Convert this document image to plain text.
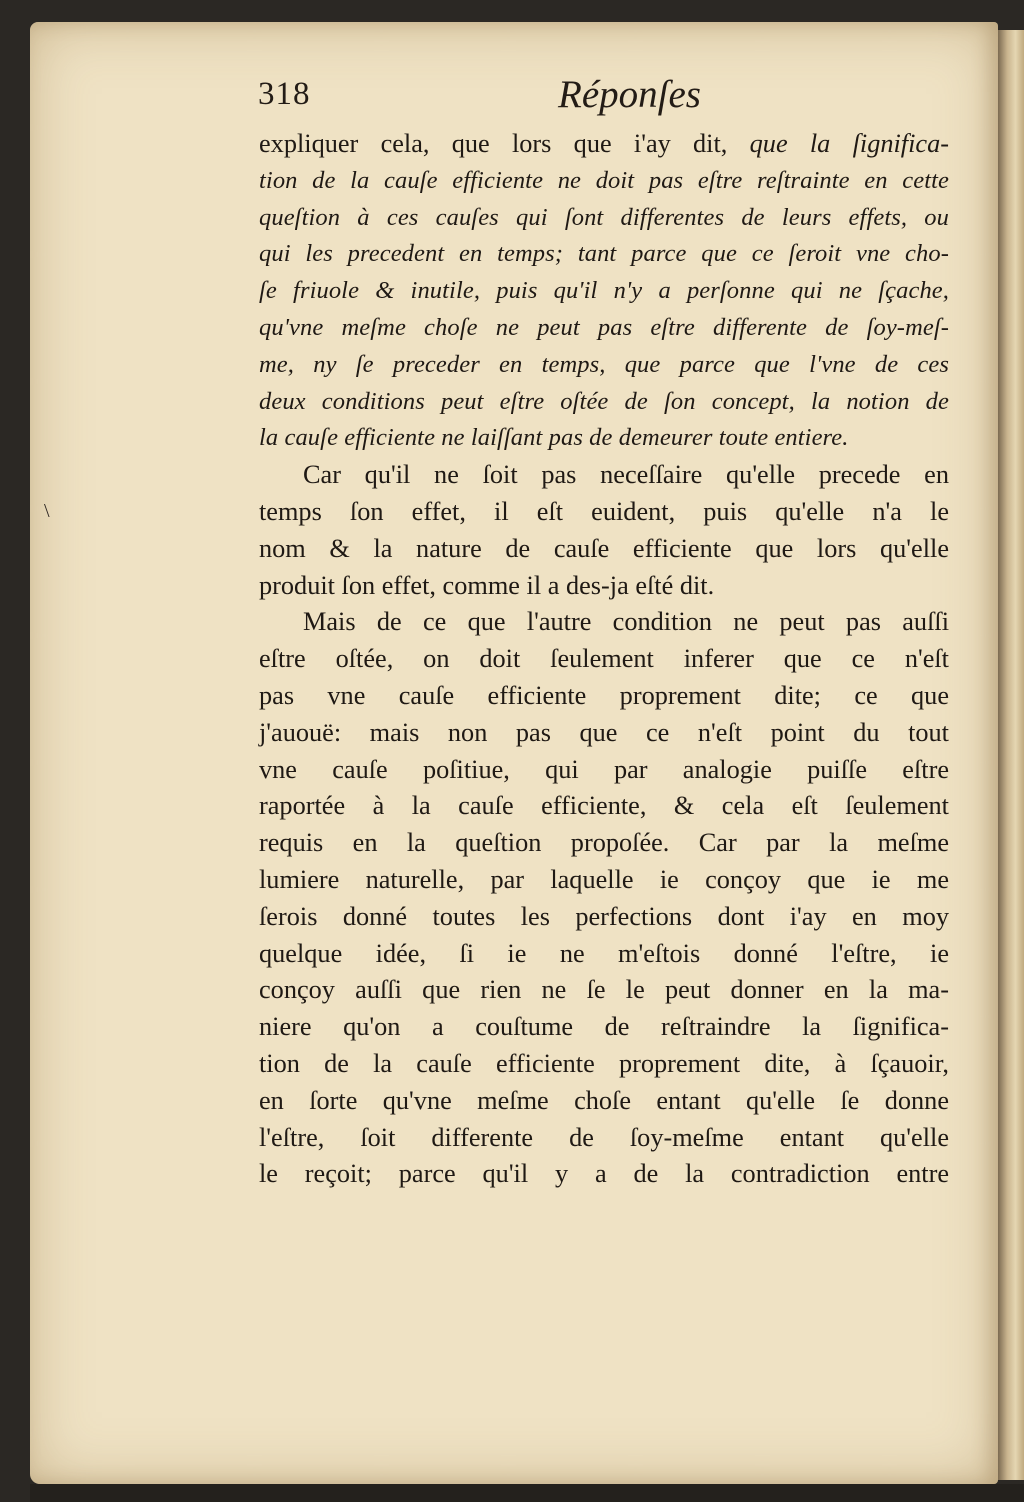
318	Réponſes
\
expliquer cela, que lors que i'ay dit, que la ſignifica-
tion de la cauſe efficiente ne doit pas eſtre reſtrainte en cette
queſtion à ces cauſes qui ſont differentes de leurs effets, ou
qui les precedent en temps; tant parce que ce ſeroit vne cho-
ſe friuole & inutile, puis qu'il n'y a perſonne qui ne ſçache,
qu'vne meſme choſe ne peut pas eſtre differente de ſoy-meſ-
me, ny ſe preceder en temps, que parce que l'vne de ces
deux conditions peut eſtre oſtée de ſon concept, la notion de
la cauſe efficiente ne laiſſant pas de demeurer toute entiere.
Car qu'il ne ſoit pas neceſſaire qu'elle precede en
temps ſon effet, il eſt euident, puis qu'elle n'a le
nom & la nature de cauſe efficiente que lors qu'elle
produit ſon effet, comme il a des-ja eſté dit.
Mais de ce que l'autre condition ne peut pas auſſi
eſtre oſtée, on doit ſeulement inferer que ce n'eſt
pas vne cauſe efficiente proprement dite; ce que
j'auouë: mais non pas que ce n'eſt point du tout
vne cauſe poſitiue, qui par analogie puiſſe eſtre
raportée à la cauſe efficiente, & cela eſt ſeulement
requis en la queſtion propoſée. Car par la meſme
lumiere naturelle, par laquelle ie conçoy que ie me
ſerois donné toutes les perfections dont i'ay en moy
quelque idée, ſi ie ne m'eſtois donné l'eſtre, ie
conçoy auſſi que rien ne ſe le peut donner en la ma-
niere qu'on a couſtume de reſtraindre la ſignifica-
tion de la cauſe efficiente proprement dite, à ſçauoir,
en ſorte qu'vne meſme choſe entant qu'elle ſe donne
l'eſtre, ſoit differente de ſoy-meſme entant qu'elle
le reçoit; parce qu'il y a de la contradiction entre
